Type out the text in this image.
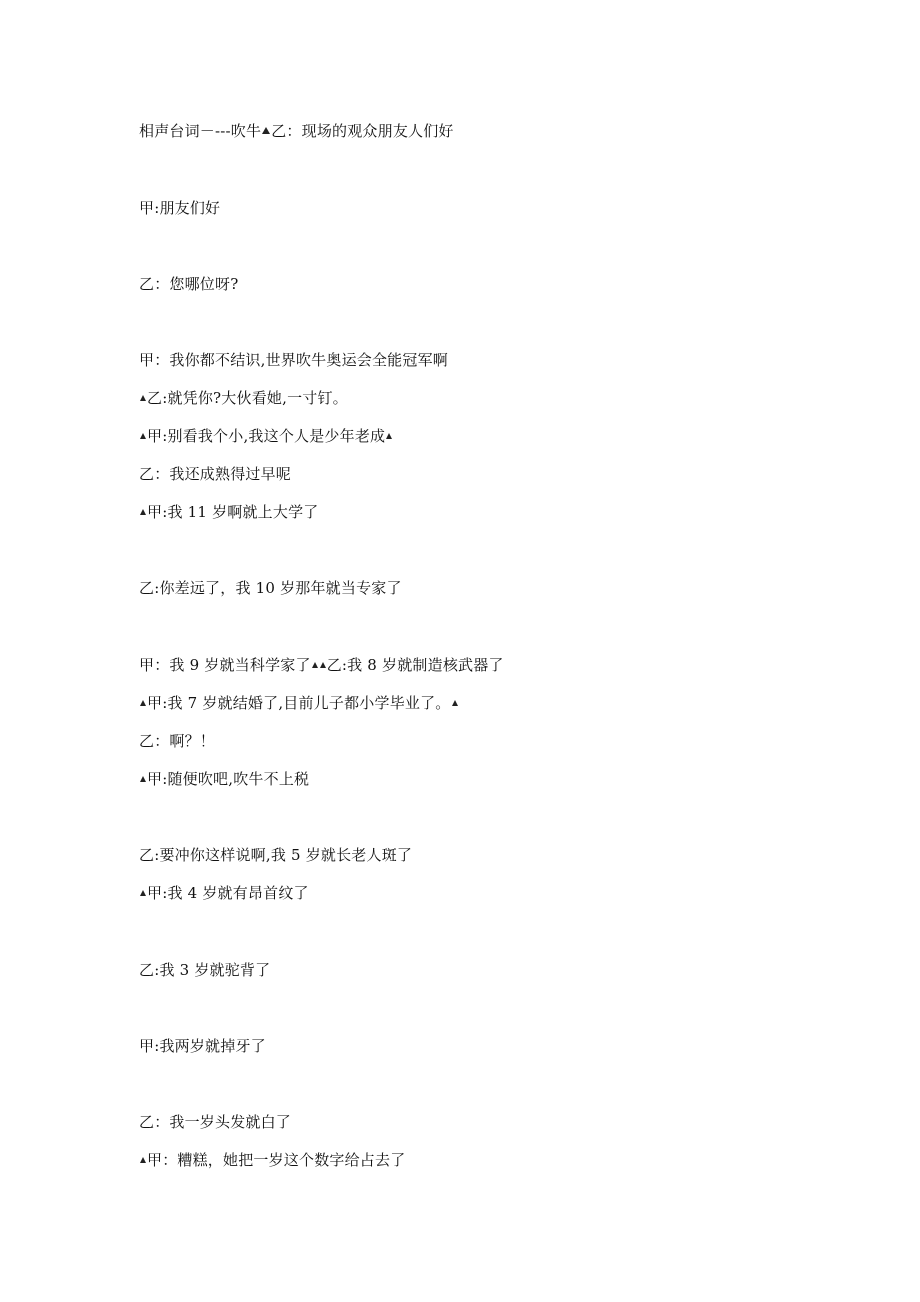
相声台词－---吹牛 乙：现场的观众朋友人们好
甲:朋友们好
乙：您哪位呀?
甲：我你都不结识,世界吹牛奥运会全能冠军啊
乙:就凭你?大伙看她,一寸钉。
甲:别看我个小,我这个人是少年老成
乙：我还成熟得过早呢
甲:我 11 岁啊就上大学了
乙:你差远了，我 10 岁那年就当专家了
甲：我 9 岁就当科学家了 乙:我 8 岁就制造核武器了
甲:我 7 岁就结婚了,目前儿子都小学毕业了。
乙：啊？！
甲:随便吹吧,吹牛不上税
乙:要冲你这样说啊,我 5 岁就长老人斑了
甲:我 4 岁就有昂首纹了
乙:我 3 岁就驼背了
甲:我两岁就掉牙了
乙：我一岁头发就白了
甲：糟糕，她把一岁这个数字给占去了
